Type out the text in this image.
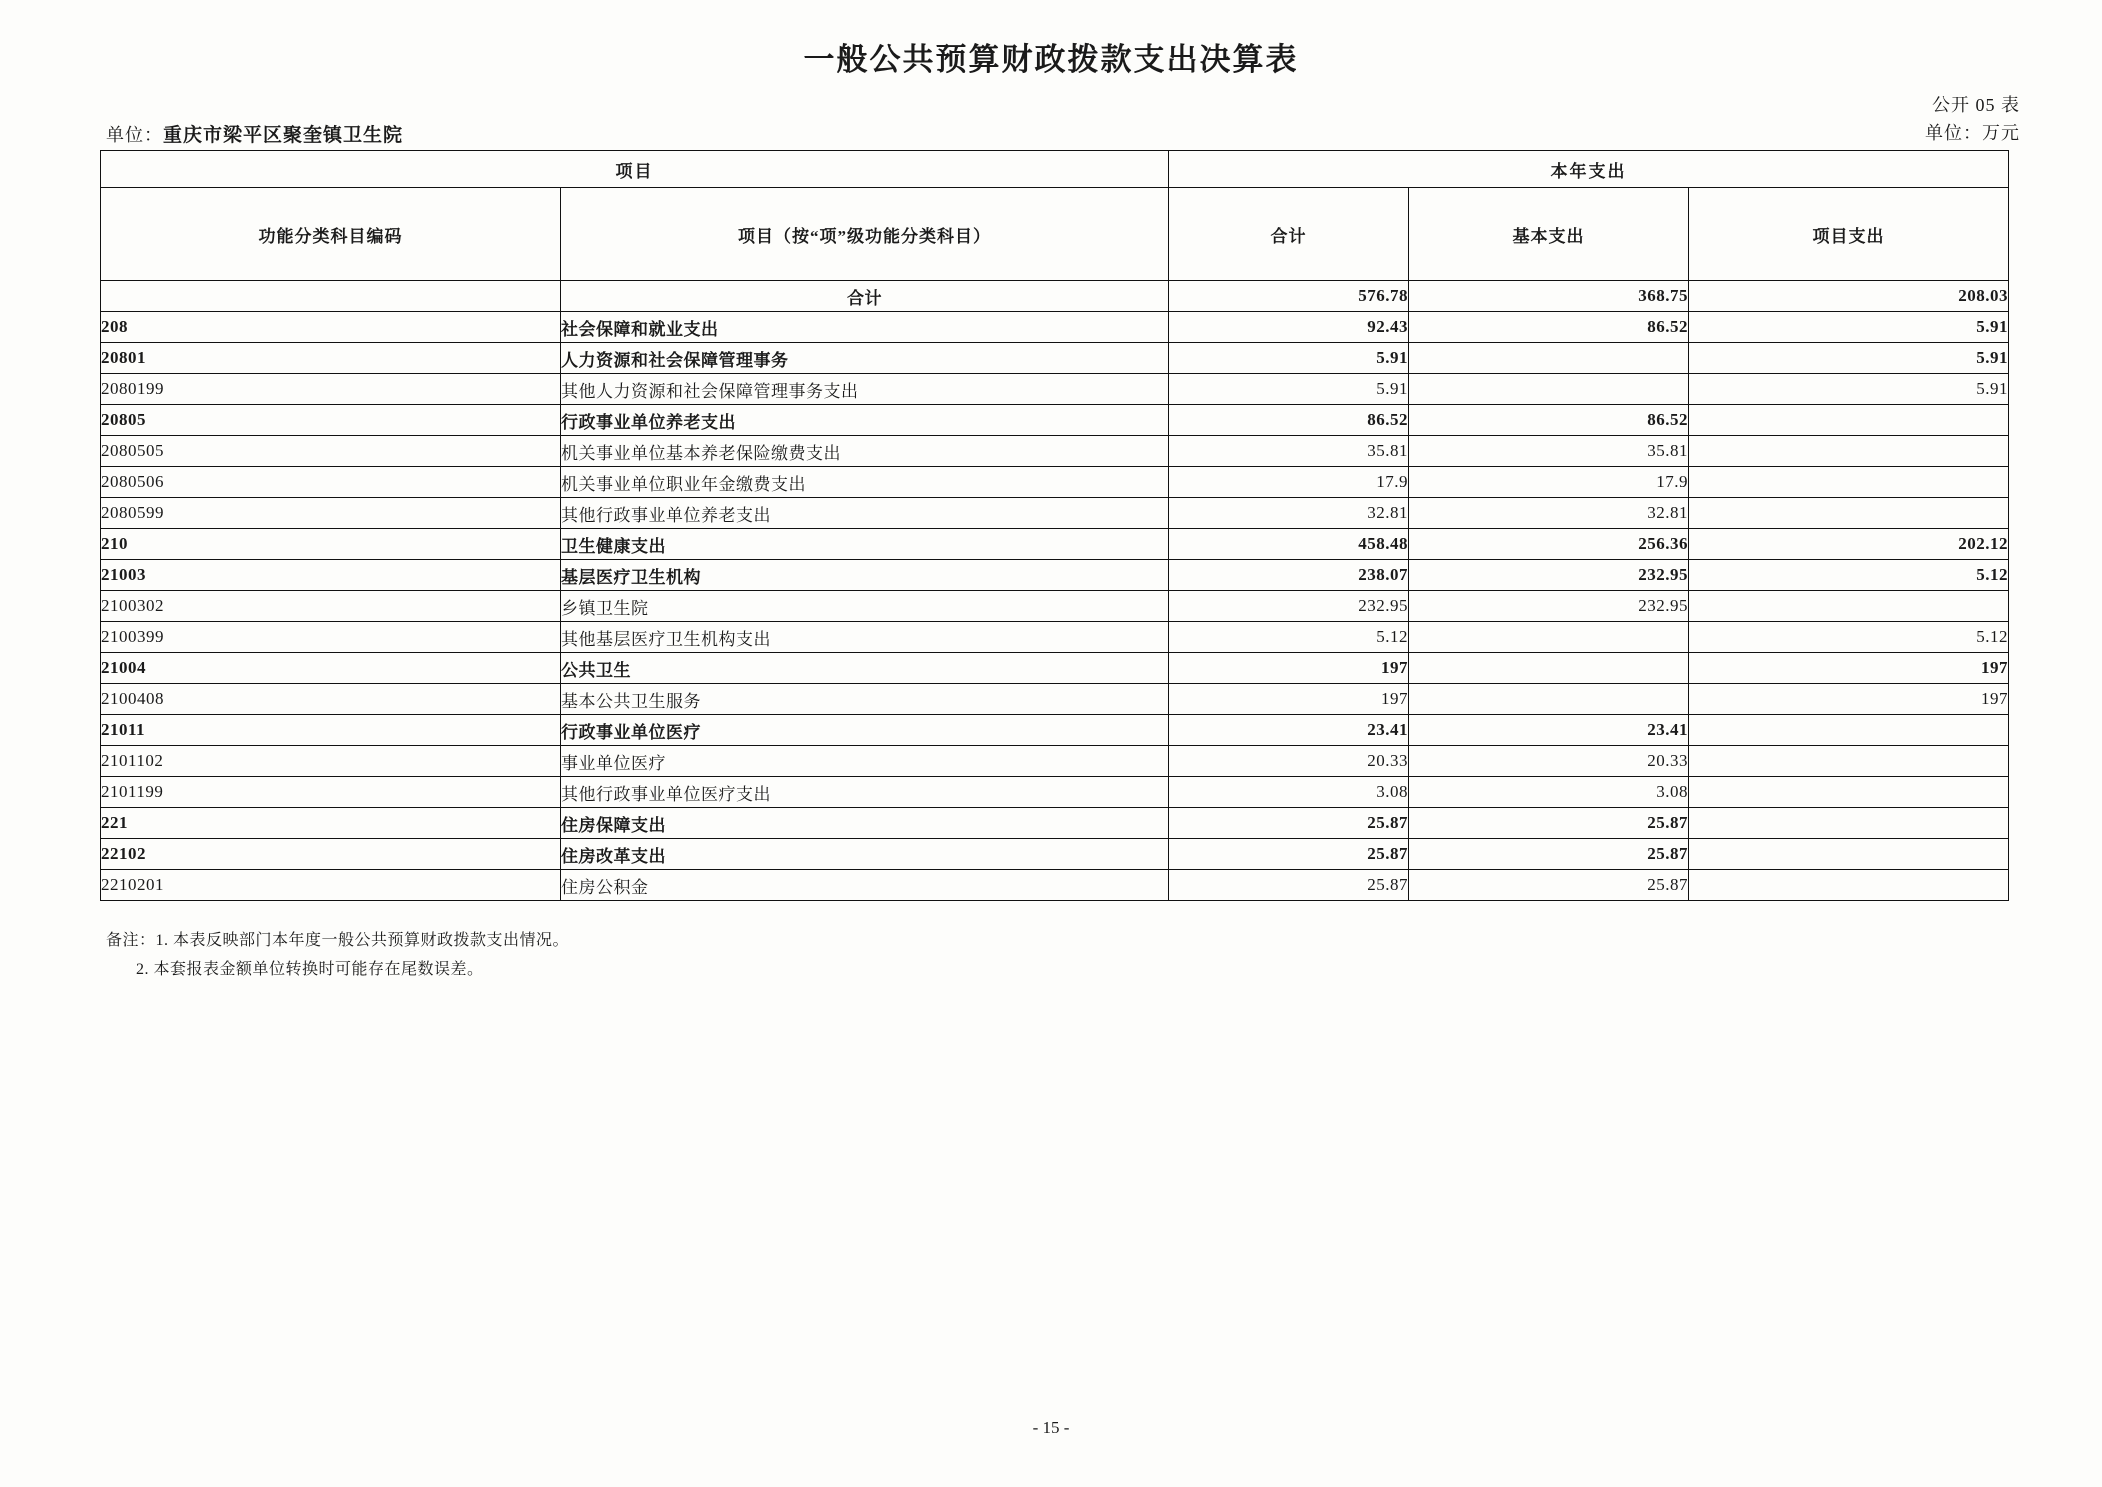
一般公共预算财政拨款支出决算表
公开 05 表
单位：万元
单位：重庆市梁平区聚奎镇卫生院
项目		本年支出		
功能分类科目编码	项目（按“项”级功能分类科目）	合计	基本支出	项目支出
	合计	576.78	368.75	208.03
208	社会保障和就业支出	92.43	86.52	5.91
20801	人力资源和社会保障管理事务	5.91		5.91
2080199	其他人力资源和社会保障管理事务支出	5.91		5.91
20805	行政事业单位养老支出	86.52	86.52	
2080505	机关事业单位基本养老保险缴费支出	35.81	35.81	
2080506	机关事业单位职业年金缴费支出	17.9	17.9	
2080599	其他行政事业单位养老支出	32.81	32.81	
210	卫生健康支出	458.48	256.36	202.12
21003	基层医疗卫生机构	238.07	232.95	5.12
2100302	乡镇卫生院	232.95	232.95	
2100399	其他基层医疗卫生机构支出	5.12		5.12
21004	公共卫生	197		197
2100408	基本公共卫生服务	197		197
21011	行政事业单位医疗	23.41	23.41	
2101102	事业单位医疗	20.33	20.33	
2101199	其他行政事业单位医疗支出	3.08	3.08	
221	住房保障支出	25.87	25.87	
22102	住房改革支出	25.87	25.87	
2210201	住房公积金	25.87	25.87	
备注：1. 本表反映部门本年度一般公共预算财政拨款支出情况。
2. 本套报表金额单位转换时可能存在尾数误差。
- 15 -
